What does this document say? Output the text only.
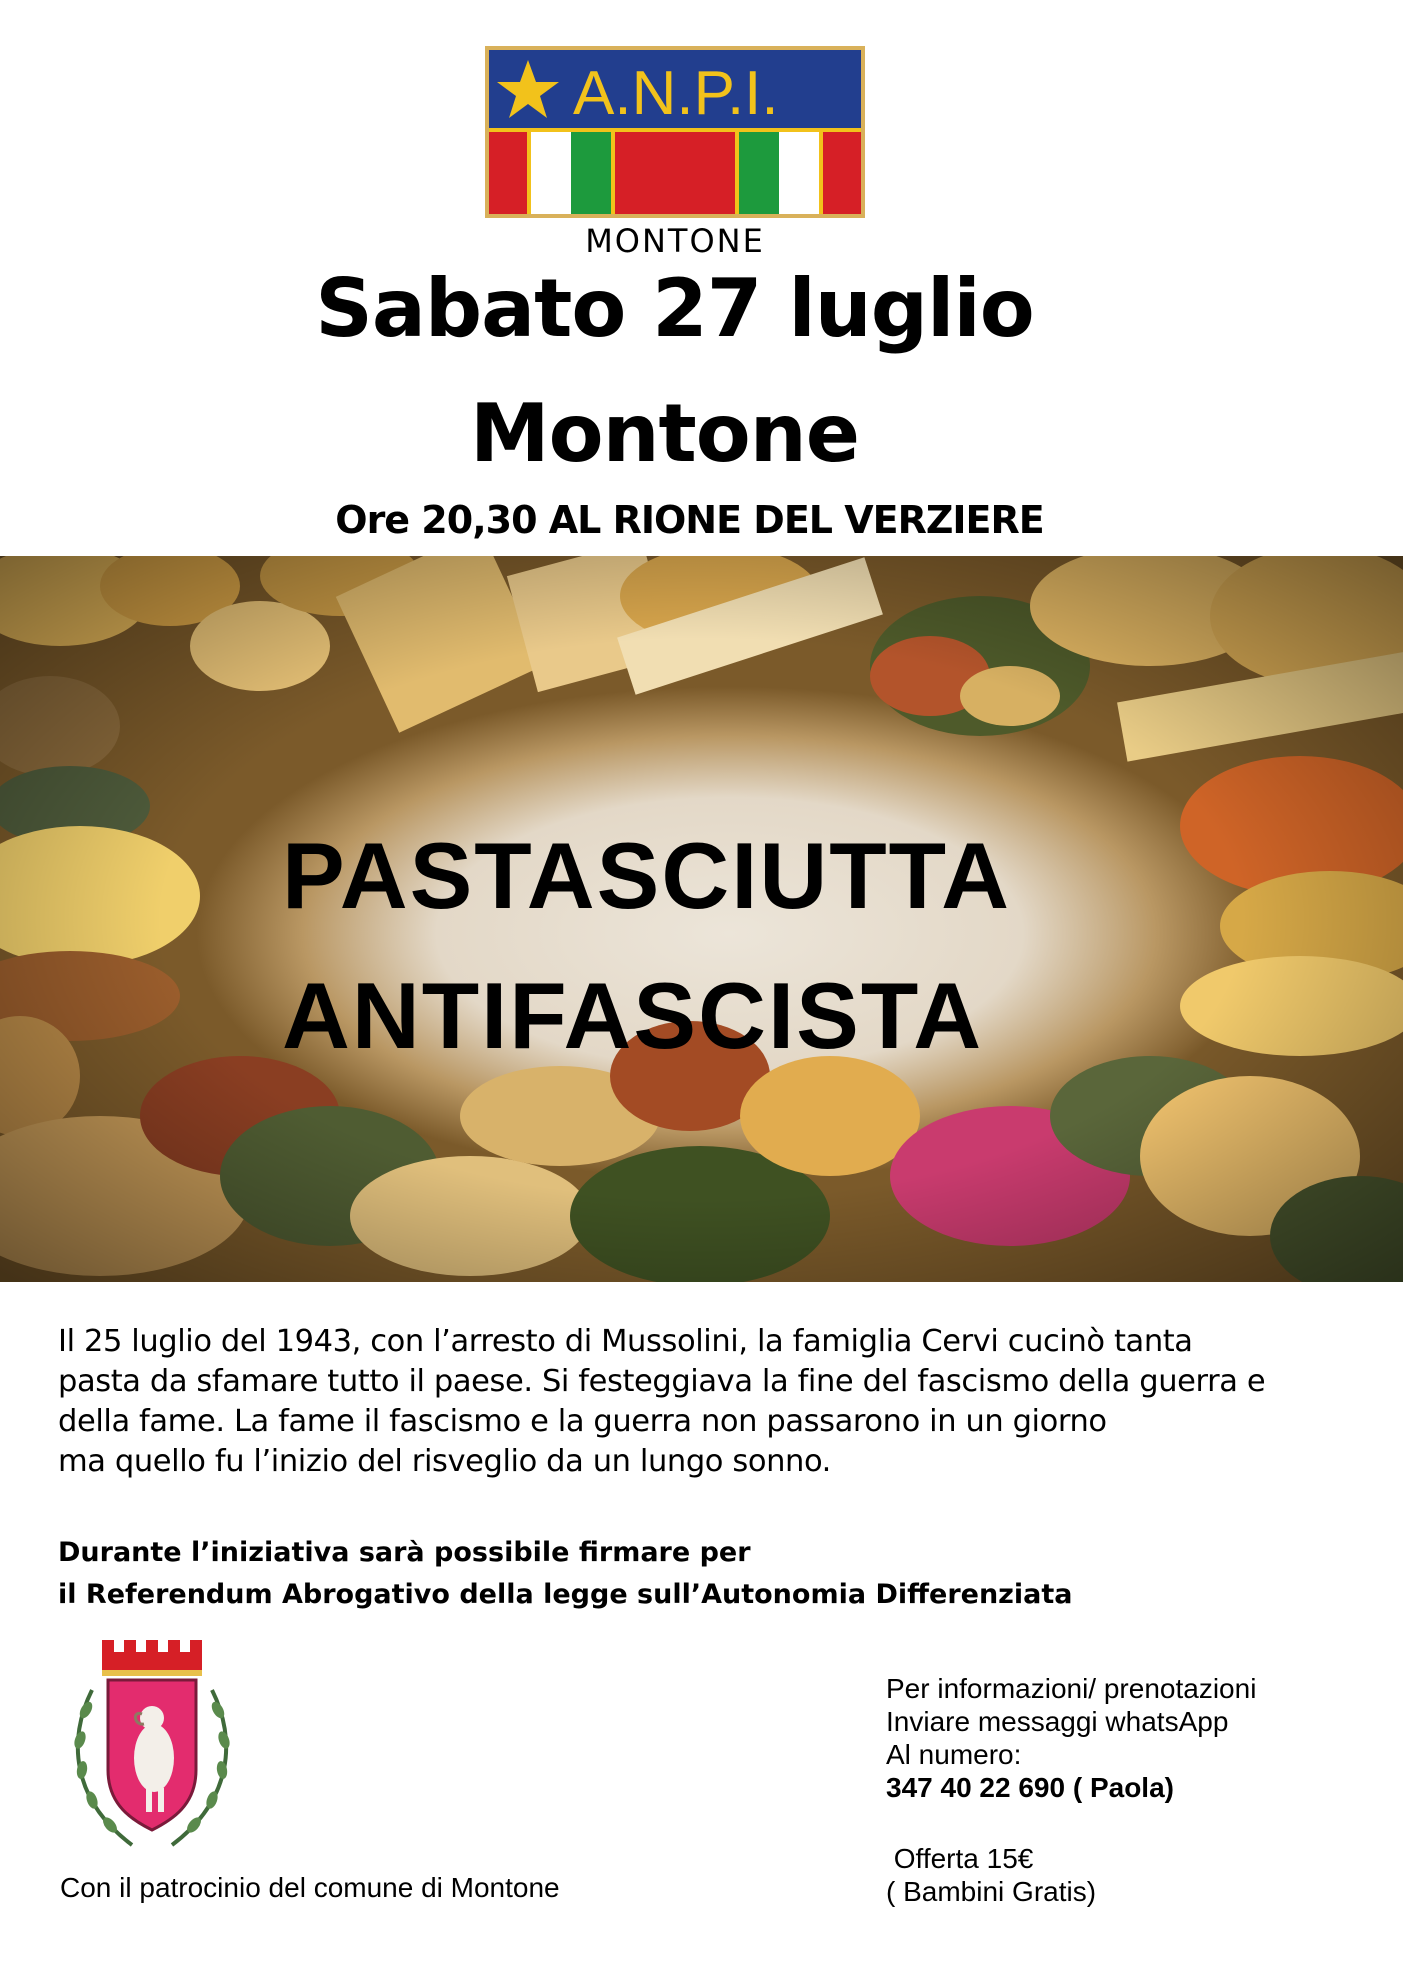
A.N.P.I.
MONTONE
Sabato 27 luglio
Montone
Ore 20,30 AL RIONE DEL VERZIERE
PASTASCIUTTA
ANTIFASCISTA
Il 25 luglio del 1943, con l’arresto di Mussolini, la famiglia Cervi cucinò tanta
pasta da sfamare tutto il paese. Si festeggiava la fine del fascismo della guerra e
della fame. La fame il fascismo e la guerra non passarono in un giorno
ma quello fu l’inizio del risveglio da un lungo sonno.
Durante l’iniziativa sarà possibile firmare per
il Referendum Abrogativo della legge sull’Autonomia Differenziata
Con il patrocinio del comune di Montone
Per informazioni/ prenotazioni
Inviare messaggi whatsApp
Al numero:
347 40 22 690 ( Paola)
Offerta 15€
( Bambini Gratis)
